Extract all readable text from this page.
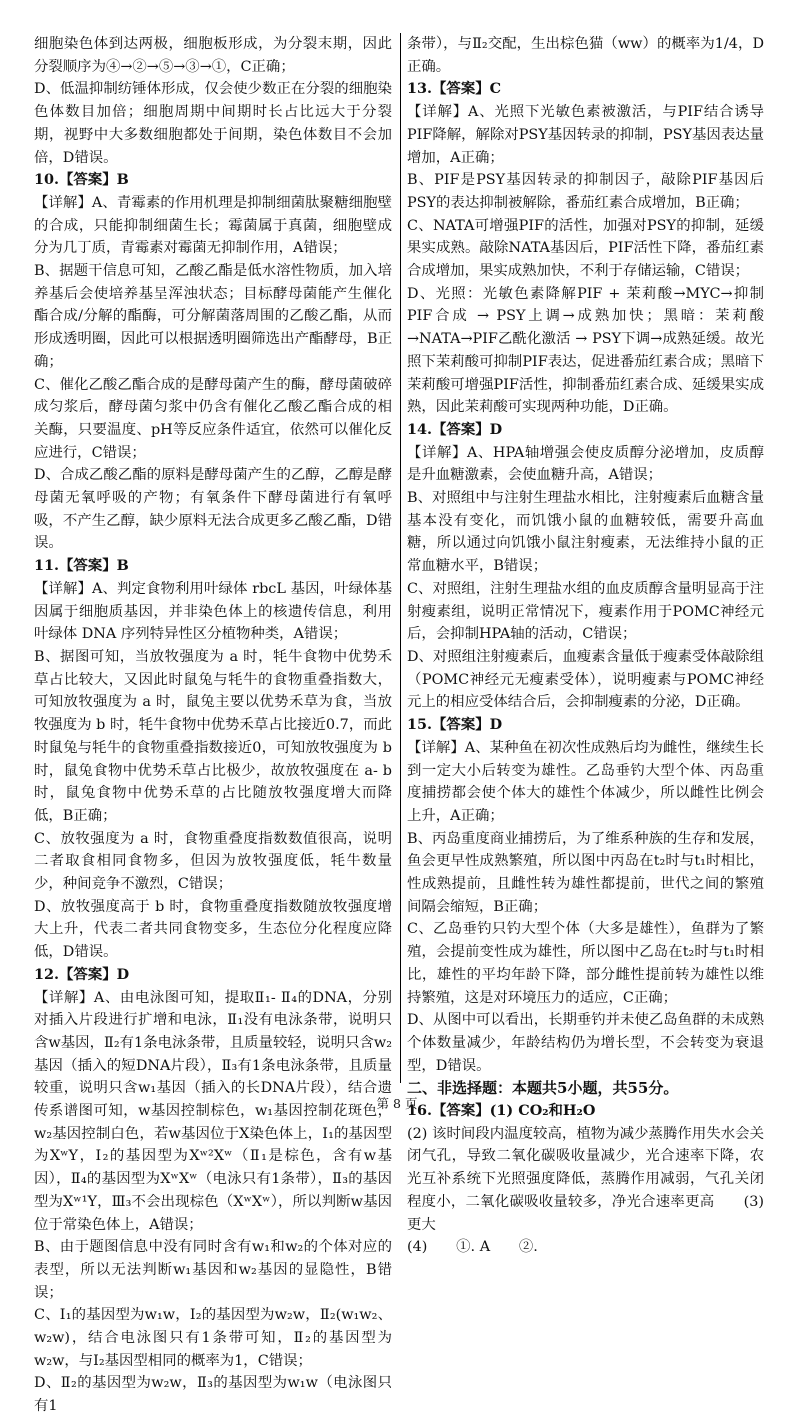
细胞染色体到达两极，细胞板形成，为分裂末期，因此分裂顺序为④→②→⑤→③→①，C正确；

D、低温抑制纺锤体形成，仅会使少数正在分裂的细胞染色体数目加倍；细胞周期中间期时长占比远大于分裂期，视野中大多数细胞都处于间期，染色体数目不会加倍，D错误。

10.【答案】B

【详解】A、青霉素的作用机理是抑制细菌肽聚糖细胞壁的合成，只能抑制细菌生长；霉菌属于真菌，细胞壁成分为几丁质，青霉素对霉菌无抑制作用，A错误；

B、据题干信息可知，乙酸乙酯是低水溶性物质，加入培养基后会使培养基呈浑浊状态；目标酵母菌能产生催化酯合成/分解的酯酶，可分解菌落周围的乙酸乙酯，从而形成透明圈，因此可以根据透明圈筛选出产酯酵母，B正确；

C、催化乙酸乙酯合成的是酵母菌产生的酶，酵母菌破碎成匀浆后，酵母菌匀浆中仍含有催化乙酸乙酯合成的相关酶，只要温度、pH等反应条件适宜，依然可以催化反应进行，C错误；

D、合成乙酸乙酯的原料是酵母菌产生的乙醇，乙醇是酵母菌无氧呼吸的产物；有氧条件下酵母菌进行有氧呼吸，不产生乙醇，缺少原料无法合成更多乙酸乙酯，D错误。

11.【答案】B

【详解】A、判定食物利用叶绿体 rbcL 基因，叶绿体基因属于细胞质基因，并非染色体上的核遗传信息，利用叶绿体 DNA 序列特异性区分植物种类，A错误；

B、据图可知，当放牧强度为 a 时，牦牛食物中优势禾草占比较大，又因此时鼠兔与牦牛的食物重叠指数大，可知放牧强度为 a 时，鼠兔主要以优势禾草为食，当放牧强度为 b 时，牦牛食物中优势禾草占比接近0.7，而此时鼠兔与牦牛的食物重叠指数接近0，可知放牧强度为 b 时，鼠兔食物中优势禾草占比极少，故放牧强度在 a- b 时，鼠兔食物中优势禾草的占比随放牧强度增大而降低，B正确；

C、放牧强度为 a 时，食物重叠度指数数值很高，说明二者取食相同食物多，但因为放牧强度低，牦牛数量少，种间竞争不激烈，C错误；

D、放牧强度高于 b 时，食物重叠度指数随放牧强度增大上升，代表二者共同食物变多，生态位分化程度应降低，D错误。

12.【答案】D

【详解】A、由电泳图可知，提取Ⅱ₁- Ⅱ₄的DNA，分别对插入片段进行扩增和电泳，Ⅱ₁没有电泳条带，说明只含w基因，Ⅱ₂有1条电泳条带，且质量较轻，说明只含w₂基因（插入的短DNA片段），Ⅱ₃有1条电泳条带，且质量较重，说明只含w₁基因（插入的长DNA片段），结合遗传系谱图可知，w基因控制棕色，w₁基因控制花斑色，w₂基因控制白色，若w基因位于X染色体上，Ⅰ₁的基因型为XʷY，Ⅰ₂的基因型为Xʷ²Xʷ（Ⅱ₁是棕色，含有w基因），Ⅱ₄的基因型为XʷXʷ（电泳只有1条带），Ⅱ₃的基因型为Xʷ¹Y，Ⅲ₃不会出现棕色（XʷXʷ），所以判断w基因位于常染色体上，A错误；

B、由于题图信息中没有同时含有w₁和w₂的个体对应的表型，所以无法判断w₁基因和w₂基因的显隐性，B错误；

C、Ⅰ₁的基因型为w₁w，Ⅰ₂的基因型为w₂w，Ⅱ₂(w₁w₂、w₂w)，结合电泳图只有1条带可知，Ⅱ₂的基因型为w₂w，与Ⅰ₂基因型相同的概率为1，C错误；

D、Ⅱ₂的基因型为w₂w，Ⅱ₃的基因型为w₁w（电泳图只有1

条带），与Ⅱ₂交配，生出棕色猫（ww）的概率为1/4，D正确。

13.【答案】C

【详解】A、光照下光敏色素被激活，与PIF结合诱导PIF降解，解除对PSY基因转录的抑制，PSY基因表达量增加，A正确；

B、PIF是PSY基因转录的抑制因子，敲除PIF基因后PSY的表达抑制被解除，番茄红素合成增加，B正确；

C、NATA可增强PIF的活性，加强对PSY的抑制，延缓果实成熟。敲除NATA基因后，PIF活性下降，番茄红素合成增加，果实成熟加快，不利于存储运输，C错误；

D、光照：光敏色素降解PIF + 茉莉酸→MYC→抑制PIF合成 → PSY上调→成熟加快；黑暗：茉莉酸→NATA→PIF乙酰化激活 → PSY下调→成熟延缓。故光照下茉莉酸可抑制PIF表达，促进番茄红素合成；黑暗下茉莉酸可增强PIF活性，抑制番茄红素合成、延缓果实成熟，因此茉莉酸可实现两种功能，D正确。

14.【答案】D

【详解】A、HPA轴增强会使皮质醇分泌增加，皮质醇是升血糖激素，会使血糖升高，A错误；

B、对照组中与注射生理盐水相比，注射瘦素后血糖含量基本没有变化，而饥饿小鼠的血糖较低，需要升高血糖，所以通过向饥饿小鼠注射瘦素，无法维持小鼠的正常血糖水平，B错误；

C、对照组，注射生理盐水组的血皮质醇含量明显高于注射瘦素组，说明正常情况下，瘦素作用于POMC神经元后，会抑制HPA轴的活动，C错误；

D、对照组注射瘦素后，血瘦素含量低于瘦素受体敲除组（POMC神经元无瘦素受体），说明瘦素与POMC神经元上的相应受体结合后，会抑制瘦素的分泌，D正确。

15.【答案】D

【详解】A、某种鱼在初次性成熟后均为雌性，继续生长到一定大小后转变为雄性。乙岛垂钓大型个体、丙岛重度捕捞都会使个体大的雄性个体减少，所以雌性比例会上升，A正确；

B、丙岛重度商业捕捞后，为了维系种族的生存和发展，鱼会更早性成熟繁殖，所以图中丙岛在t₂时与t₁时相比，性成熟提前，且雌性转为雄性都提前，世代之间的繁殖间隔会缩短，B正确；

C、乙岛垂钓只钓大型个体（大多是雄性），鱼群为了繁殖，会提前变性成为雄性，所以图中乙岛在t₂时与t₁时相比，雄性的平均年龄下降，部分雌性提前转为雄性以维持繁殖，这是对环境压力的适应，C正确；

D、从图中可以看出，长期垂钓并未使乙岛鱼群的未成熟个体数量减少，年龄结构仍为增长型，不会转变为衰退型，D错误。

二、非选择题：本题共5小题，共55分。

16.【答案】(1) CO₂和H₂O

(2) 该时间段内温度较高，植物为减少蒸腾作用失水会关闭气孔，导致二氧化碳吸收量减少，光合速率下降，农光互补系统下光照强度降低，蒸腾作用减弱，气孔关闭程度小，二氧化碳吸收量较多，净光合速率更高　　(3) 更大

(4)　　①. A　　②.

第 8 页
